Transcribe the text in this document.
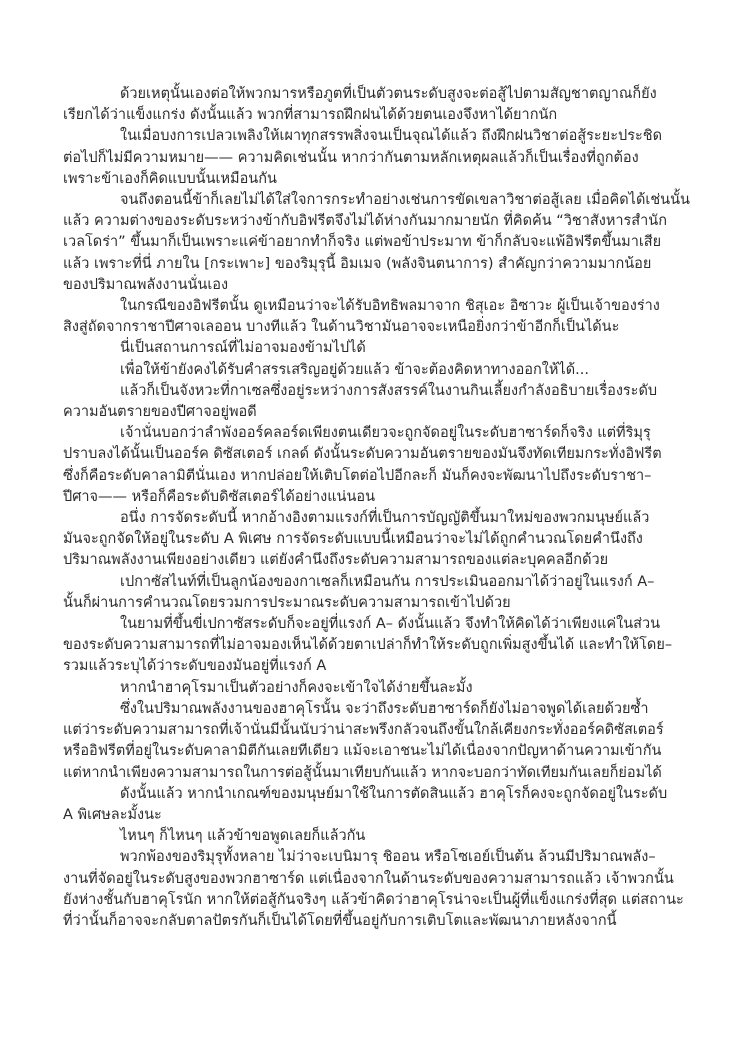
ด้วยเหตุนั้นเองต่อให้พวกมารหรือภูตที่เป็นตัวตนระดับสูงจะต่อสู้ไปตามสัญชาตญาณก็ยัง
เรียกได้ว่าแข็งแกร่ง ดังนั้นแล้ว พวกที่สามารถฝึกฝนได้ด้วยตนเองจึงหาได้ยากนัก

ในเมื่อบงการเปลวเพลิงให้เผาทุกสรรพสิ่งจนเป็นจุณได้แล้ว ถึงฝึกฝนวิชาต่อสู้ระยะประชิด
ต่อไปก็ไม่มีความหมาย—— ความคิดเช่นนั้น หากว่ากันตามหลักเหตุผลแล้วก็เป็นเรื่องที่ถูกต้อง
เพราะข้าเองก็คิดแบบนั้นเหมือนกัน

จนถึงตอนนี้ข้าก็เลยไม่ได้ใส่ใจการกระทำอย่างเช่นการขัดเขลาวิชาต่อสู้เลย เมื่อคิดได้เช่นนั้น
แล้ว ความต่างของระดับระหว่างข้ากับอิฟรีตจึงไม่ได้ห่างกันมากมายนัก ที่คิดค้น “วิชาสังหารสำนัก
เวลโดร่า” ขึ้นมาก็เป็นเพราะแค่ข้าอยากทำก็จริง แต่พอข้าประมาท ข้าก็กลับจะแพ้อิฟรีตขึ้นมาเสีย
แล้ว เพราะที่นี่ ภายใน [กระเพาะ] ของริมุรุนี้ อิมเมจ (พลังจินตนาการ) สำคัญกว่าความมากน้อย
ของปริมาณพลังงานนั่นเอง

ในกรณีของอิฟรีตนั้น ดูเหมือนว่าจะได้รับอิทธิพลมาจาก ชิสุเอะ อิซาวะ ผู้เป็นเจ้าของร่าง
สิงสู่ถัดจากราชาปีศาจเลออน บางทีแล้ว ในด้านวิชามันอาจจะเหนือยิ่งกว่าข้าอีกก็เป็นได้นะ

นี่เป็นสถานการณ์ที่ไม่อาจมองข้ามไปได้

เพื่อให้ข้ายังคงได้รับคำสรรเสริญอยู่ด้วยแล้ว ข้าจะต้องคิดหาทางออกให้ได้...

แล้วก็เป็นจังหวะที่กาเซลซึ่งอยู่ระหว่างการสังสรรค์ในงานกินเลี้ยงกำลังอธิบายเรื่องระดับ
ความอันตรายของปีศาจอยู่พอดี

เจ้านั่นบอกว่าลำพังออร์คลอร์ดเพียงตนเดียวจะถูกจัดอยู่ในระดับฮาซาร์ดก็จริง แต่ที่ริมุรุ
ปราบลงได้นั้นเป็นออร์ค ดิซัสเตอร์ เกลด์ ดังนั้นระดับความอันตรายของมันจึงทัดเทียมกระทั่งอิฟรีต
ซึ่งก็คือระดับคาลามิตีนั่นเอง หากปล่อยให้เติบโตต่อไปอีกละก็ มันก็คงจะพัฒนาไปถึงระดับราชา–
ปีศาจ—— หรือก็คือระดับดิซัสเตอร์ได้อย่างแน่นอน

อนึ่ง การจัดระดับนี้ หากอ้างอิงตามแรงก์ที่เป็นการบัญญัติขึ้นมาใหม่ของพวกมนุษย์แล้ว
มันจะถูกจัดให้อยู่ในระดับ A พิเศษ การจัดระดับแบบนี้เหมือนว่าจะไม่ได้ถูกคำนวณโดยคำนึงถึง
ปริมาณพลังงานเพียงอย่างเดียว แต่ยังคำนึงถึงระดับความสามารถของแต่ละบุคคลอีกด้วย

เปกาซัสไนท์ที่เป็นลูกน้องของกาเซลก็เหมือนกัน การประเมินออกมาได้ว่าอยู่ในแรงก์ A–
นั้นก็ผ่านการคำนวณโดยรวมการประมาณระดับความสามารถเข้าไปด้วย

ในยามที่ขึ้นขี่เปกาซัสระดับก็จะอยู่ที่แรงก์ A– ดังนั้นแล้ว จึงทำให้คิดได้ว่าเพียงแค่ในส่วน
ของระดับความสามารถที่ไม่อาจมองเห็นได้ด้วยตาเปล่าก็ทำให้ระดับถูกเพิ่มสูงขึ้นได้ และทำให้โดย–
รวมแล้วระบุได้ว่าระดับของมันอยู่ที่แรงก์ A

หากนำฮาคุโรมาเป็นตัวอย่างก็คงจะเข้าใจได้ง่ายขึ้นละมั้ง

ซึ่งในปริมาณพลังงานของฮาคุโรนั้น จะว่าถึงระดับฮาซาร์ดก็ยังไม่อาจพูดได้เลยด้วยซ้ำ
แต่ว่าระดับความสามารถที่เจ้านั่นมีนั้นนับว่าน่าสะพรึงกลัวจนถึงขั้นใกล้เคียงกระทั่งออร์คดิซัสเตอร์
หรืออิฟรีตที่อยู่ในระดับคาลามิตีกันเลยทีเดียว แม้จะเอาชนะไม่ได้เนื่องจากปัญหาด้านความเข้ากัน
แต่หากนำเพียงความสามารถในการต่อสู้นั้นมาเทียบกันแล้ว หากจะบอกว่าทัดเทียมกันเลยก็ย่อมได้

ดังนั้นแล้ว หากนำเกณฑ์ของมนุษย์มาใช้ในการตัดสินแล้ว ฮาคุโรก็คงจะถูกจัดอยู่ในระดับ
A พิเศษละมั้งนะ

ไหนๆ ก็ไหนๆ แล้วข้าขอพูดเลยก็แล้วกัน

พวกพ้องของริมุรุทั้งหลาย ไม่ว่าจะเบนิมารุ ชิออน หรือโซเอย์เป็นต้น ล้วนมีปริมาณพลัง–
งานที่จัดอยู่ในระดับสูงของพวกฮาซาร์ด แต่เนื่องจากในด้านระดับของความสามารถแล้ว เจ้าพวกนั้น
ยังห่างชั้นกับฮาคุโรนัก หากให้ต่อสู้กันจริงๆ แล้วข้าคิดว่าฮาคุโรน่าจะเป็นผู้ที่แข็งแกร่งที่สุด แต่สถานะ
ที่ว่านั้นก็อาจจะกลับตาลปัตรกันก็เป็นได้โดยที่ขึ้นอยู่กับการเติบโตและพัฒนาภายหลังจากนี้
